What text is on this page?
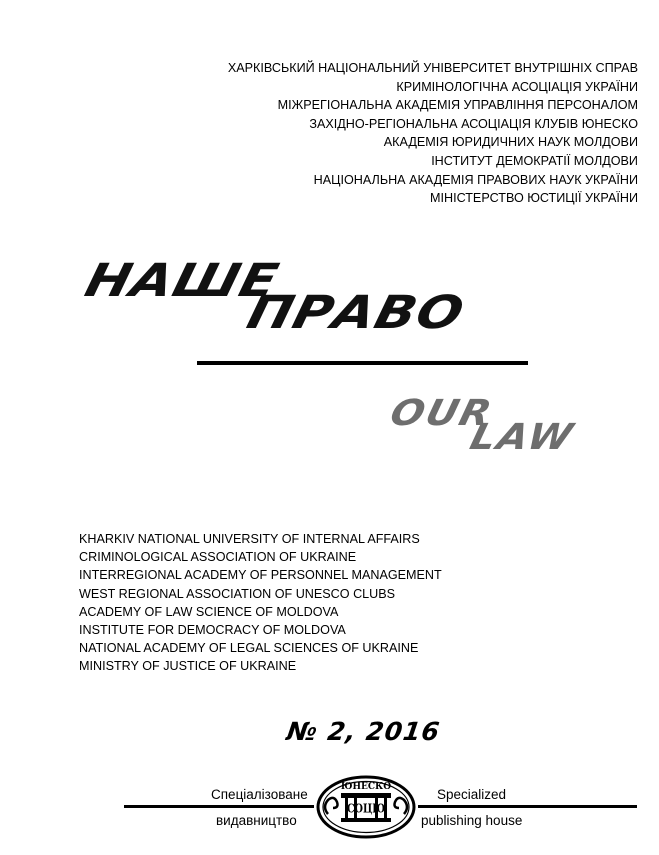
ХАРКІВСЬКИЙ НАЦІОНАЛЬНИЙ УНІВЕРСИТЕТ ВНУТРІШНІХ СПРАВ
КРИМІНОЛОГІЧНА АСОЦІАЦІЯ УКРАЇНИ
МІЖРЕГІОНАЛЬНА АКАДЕМІЯ УПРАВЛІННЯ ПЕРСОНАЛОМ
ЗАХІДНО-РЕГІОНАЛЬНА АСОЦІАЦІЯ КЛУБІВ ЮНЕСКО
АКАДЕМІЯ ЮРИДИЧНИХ НАУК МОЛДОВИ
ІНСТИТУТ ДЕМОКРАТІЇ МОЛДОВИ
НАЦІОНАЛЬНА АКАДЕМІЯ ПРАВОВИХ НАУК УКРАЇНИ
МІНІСТЕРСТВО ЮСТИЦІЇ УКРАЇНИ
НАШЕ
ПРАВО
OUR
LAW
KHARKIV NATIONAL UNIVERSITY OF INTERNAL AFFAIRS
CRIMINOLOGICAL ASSOCIATION OF UKRAINE
INTERREGIONAL ACADEMY OF PERSONNEL MANAGEMENT
WEST REGIONAL ASSOCIATION OF UNESCO CLUBS
ACADEMY OF LAW SCIENCE OF MOLDOVA
INSTITUTE FOR DEMOCRACY OF MOLDOVA
NATIONAL ACADEMY OF LEGAL SCIENCES OF UKRAINE
MINISTRY OF JUSTICE OF UKRAINE
№ 2, 2016
Спеціалізоване
видавництво
Specialized
publishing house
ЮНЕСКО
СОЦІО
